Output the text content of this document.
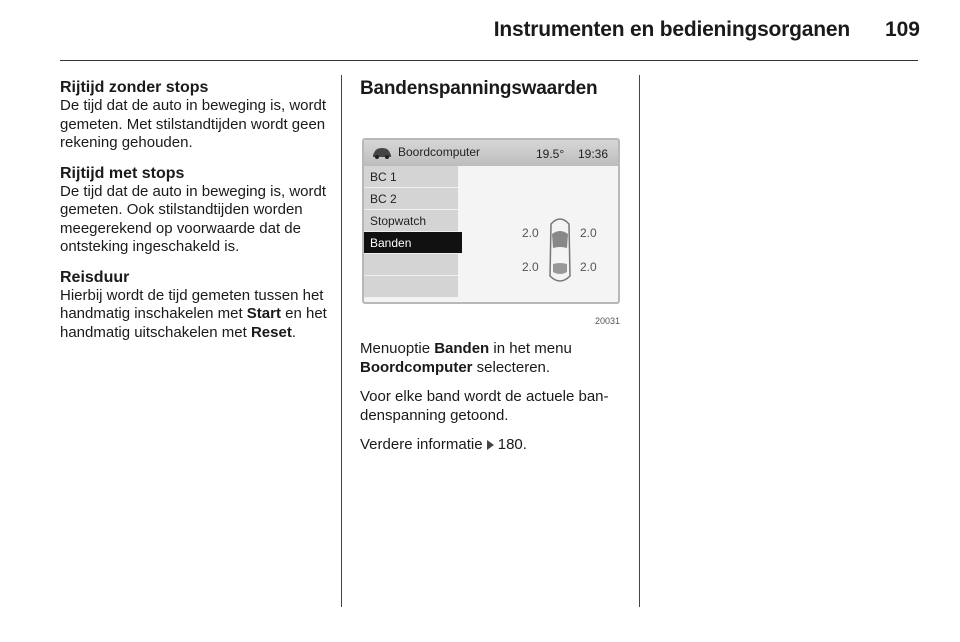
Instrumenten en bedieningsorganen 109
Rijtijd zonder stops
De tijd dat de auto in beweging is, wordt gemeten. Met stilstandtijden wordt geen rekening gehouden.
Rijtijd met stops
De tijd dat de auto in beweging is, wordt gemeten. Ook stilstandtijden worden meegerekend op voorwaarde dat de ontsteking ingeschakeld is.
Reisduur
Hierbij wordt de tijd gemeten tussen het handmatig inschakelen met Start en het handmatig uitschakelen met Reset.
Bandenspanningswaarden
Boordcomputer	19.5° 19:36
BC 1
BC 2
Stopwatch
Banden
2.0	2.0
2.0	2.0
20031
Menuoptie Banden in het menu Boordcomputer selecteren.
Voor elke band wordt de actuele bandenspanning getoond.
Verdere informatie 180.
